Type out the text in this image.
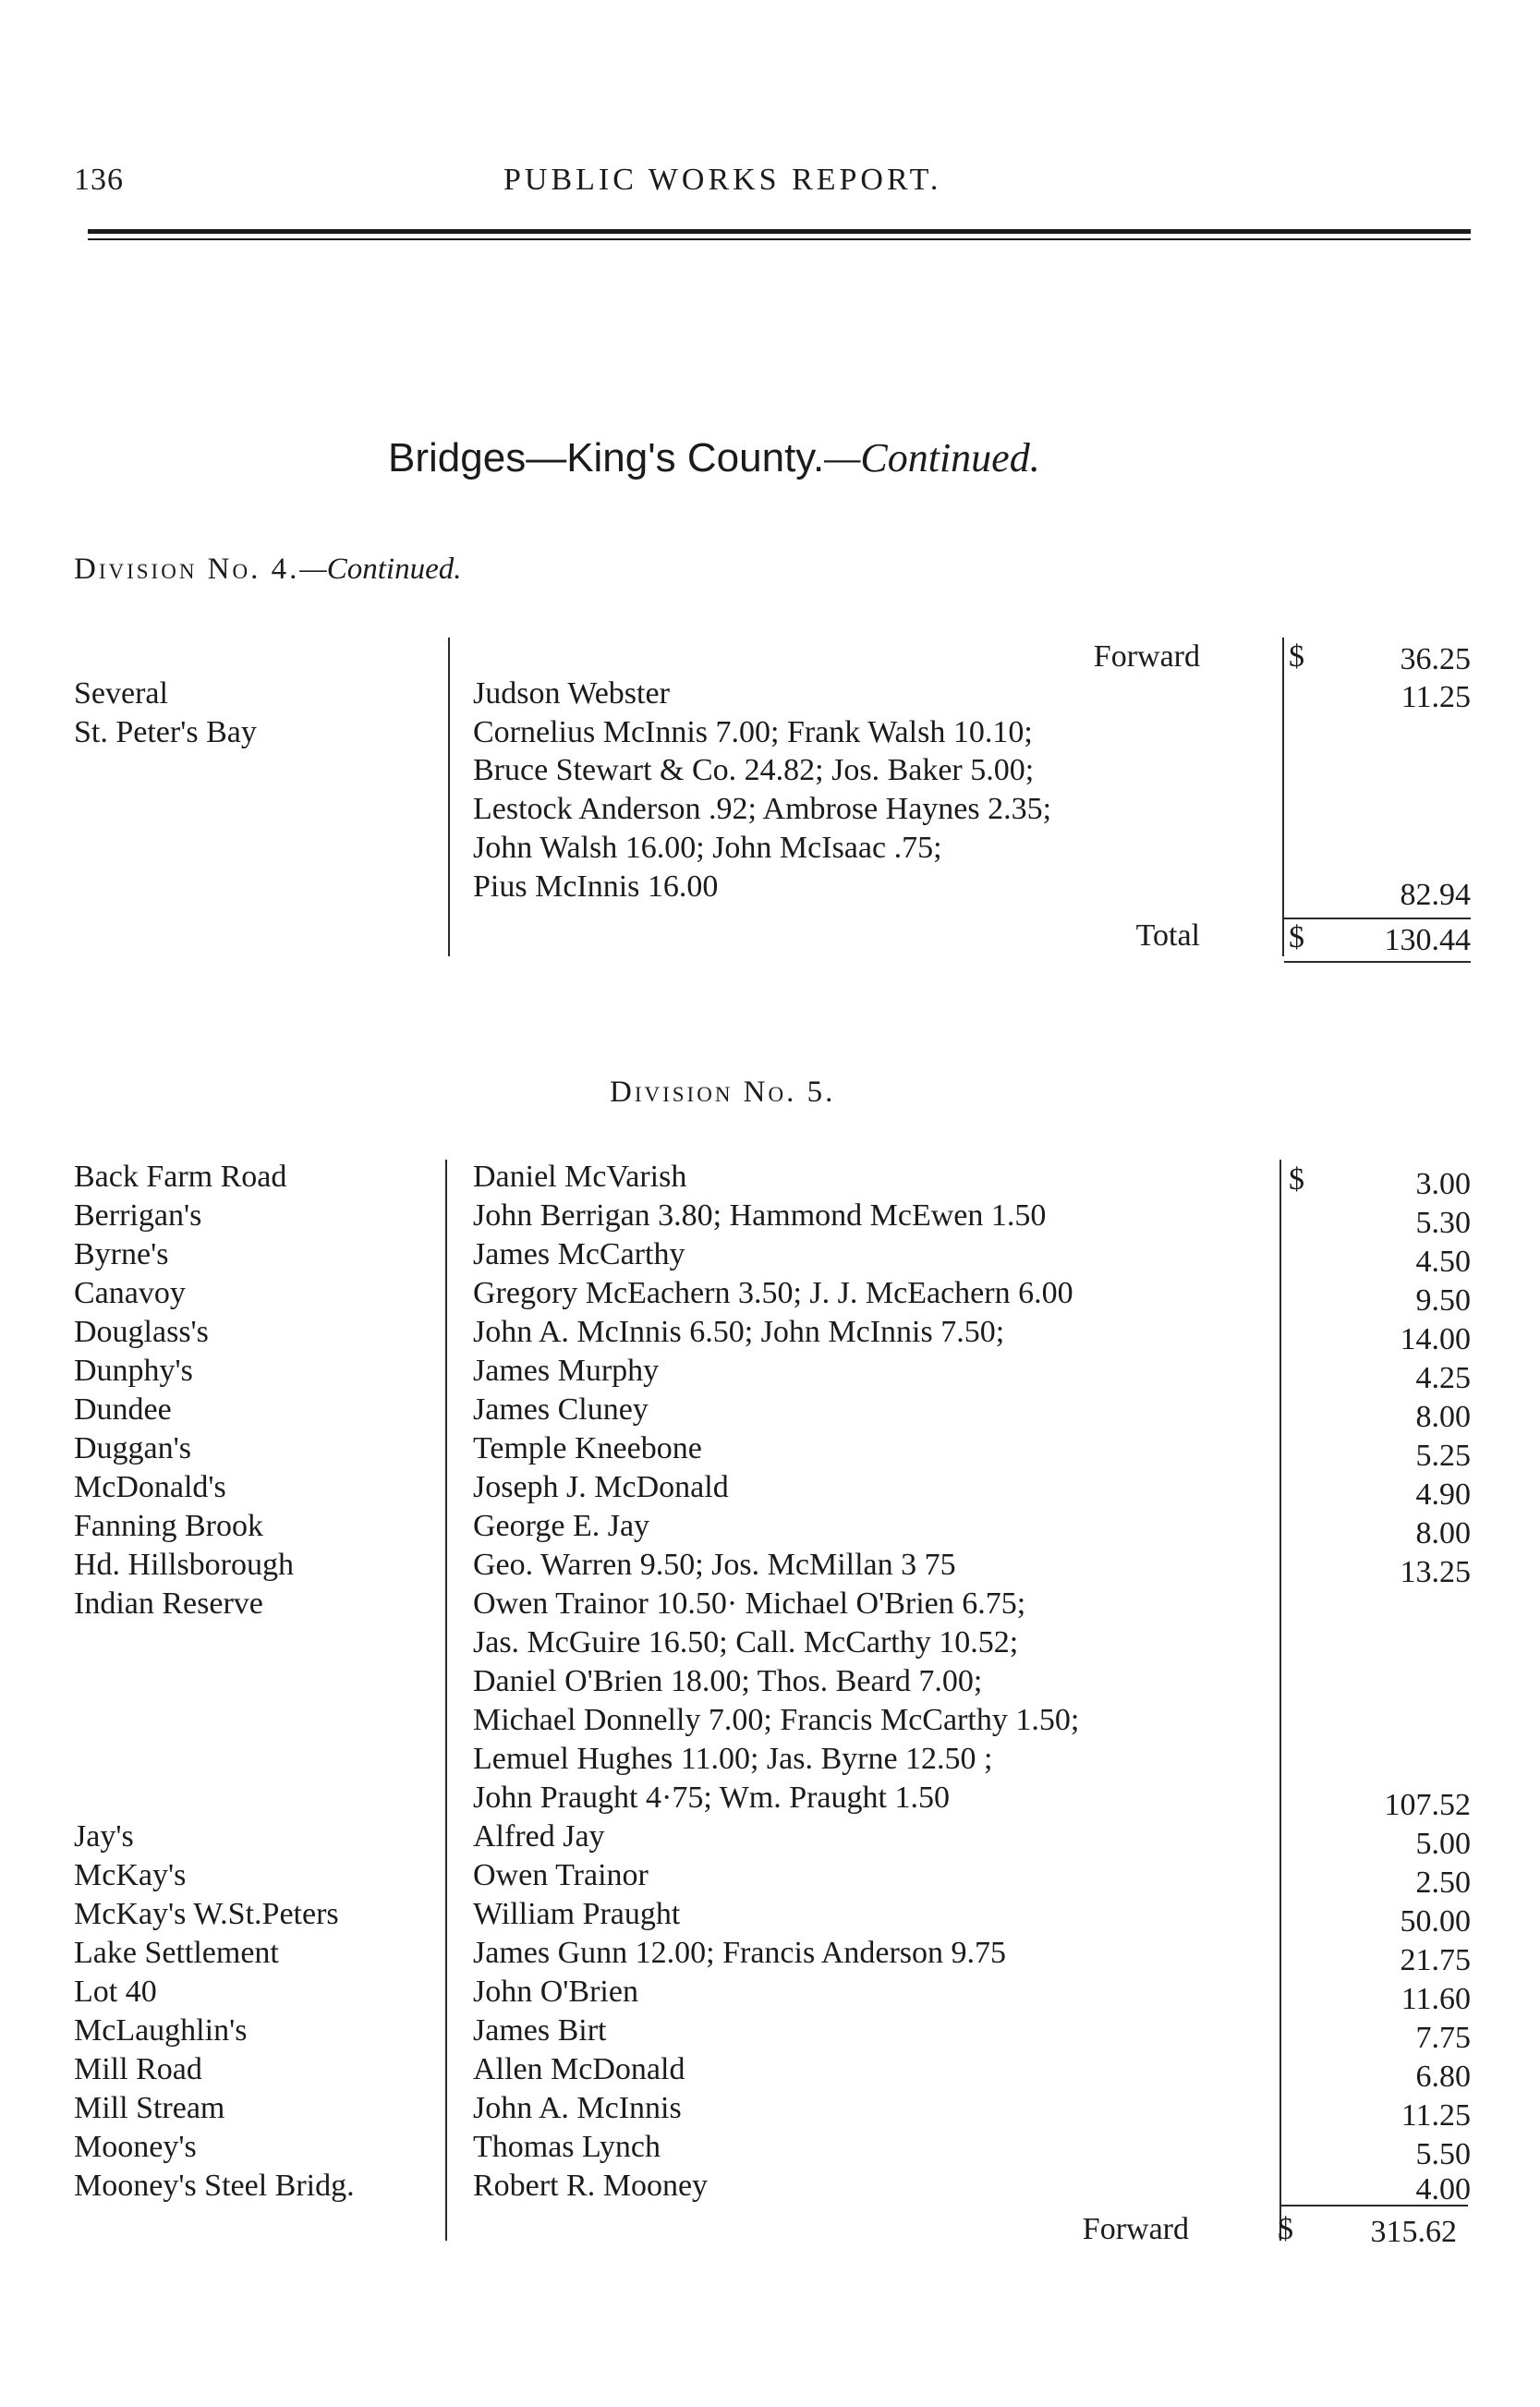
136	PUBLIC WORKS REPORT.
Bridges—King's County.—Continued.
Division No. 4.—Continued.
Forward	$	36.25
Several	Judson Webster	11.25
St. Peter's Bay	Cornelius McInnis 7.00; Frank Walsh 10.10;
Bruce Stewart & Co. 24.82; Jos. Baker 5.00;
Lestock Anderson .92; Ambrose Haynes 2.35;
John Walsh 16.00; John McIsaac .75;
Pius McInnis 16.00	82.94
Total	$	130.44
Division No. 5.
$
Back Farm Road	Daniel McVarish	3.00
Berrigan's	John Berrigan 3.80; Hammond McEwen 1.50	5.30
Byrne's	James McCarthy	4.50
Canavoy	Gregory McEachern 3.50; J. J. McEachern 6.00	9.50
Douglass's	John A. McInnis 6.50; John McInnis 7.50;	14.00
Dunphy's	James Murphy	4.25
Dundee	James Cluney	8.00
Duggan's	Temple Kneebone	5.25
McDonald's	Joseph J. McDonald	4.90
Fanning Brook	George E. Jay	8.00
Hd. Hillsborough	Geo. Warren 9.50; Jos. McMillan 3 75	13.25
Indian Reserve	Owen Trainor 10.50· Michael O'Brien 6.75;
Jas. McGuire 16.50; Call. McCarthy 10.52;
Daniel O'Brien 18.00; Thos. Beard 7.00;
Michael Donnelly 7.00; Francis McCarthy 1.50;
Lemuel Hughes 11.00; Jas. Byrne 12.50 ;
John Praught 4·75; Wm. Praught 1.50	107.52
Jay's	Alfred Jay	5.00
McKay's	Owen Trainor	2.50
McKay's W.St.Peters	William Praught	50.00
Lake Settlement	James Gunn 12.00; Francis Anderson 9.75	21.75
Lot 40	John O'Brien	11.60
McLaughlin's	James Birt	7.75
Mill Road	Allen McDonald	6.80
Mill Stream	John A. McInnis	11.25
Mooney's	Thomas Lynch	5.50
Mooney's Steel Bridg.	Robert R. Mooney	4.00
Forward	$ 315.62
